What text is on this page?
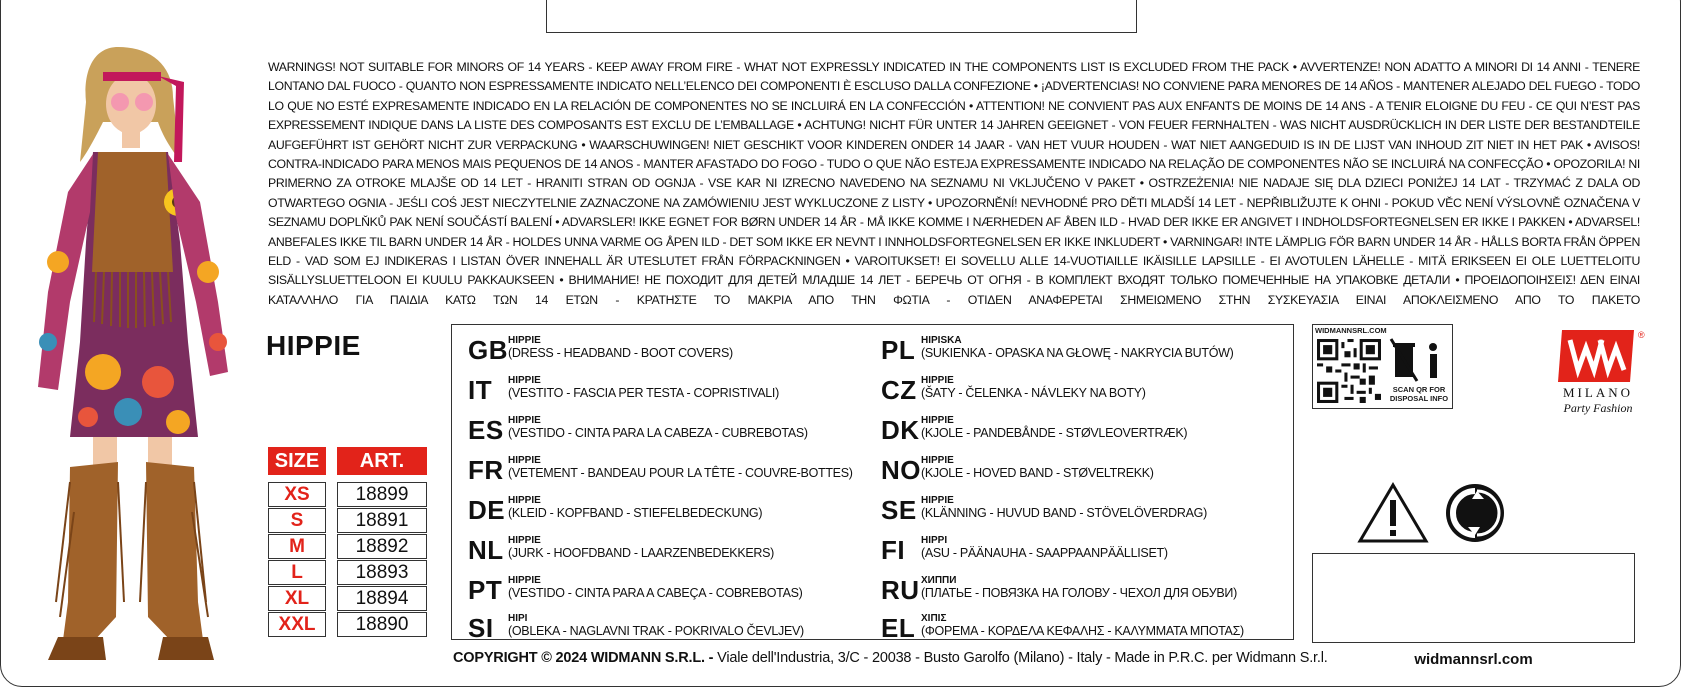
WARNINGS! NOT SUITABLE FOR MINORS OF 14 YEARS - KEEP AWAY FROM FIRE - WHAT NOT EXPRESSLY INDICATED IN THE COMPONENTS LIST IS EXCLUDED FROM THE PACK • AVVERTENZE! NON ADATTO A MINORI DI 14 ANNI - TENERE LONTANO DAL FUOCO - QUANTO NON ESPRESSAMENTE INDICATO NELL’ELENCO DEI COMPONENTI È ESCLUSO DALLA CONFEZIONE • ¡ADVERTENCIAS! NO CONVIENE PARA MENORES DE 14 AÑOS - MANTENER ALEJADO DEL FUEGO - TODO LO QUE NO ESTÉ EXPRESAMENTE INDICADO EN LA RELACIÓN DE COMPONENTES NO SE INCLUIRÁ EN LA CONFECCIÓN • ATTENTION! NE CONVIENT PAS AUX ENFANTS DE MOINS DE 14 ANS - A TENIR ELOIGNE DU FEU - CE QUI N’EST PAS EXPRESSEMENT INDIQUE DANS LA LISTE DES COMPOSANTS EST EXCLU DE L’EMBALLAGE • ACHTUNG! NICHT FÜR UNTER 14 JAHREN GEEIGNET - VON FEUER FERNHALTEN - WAS NICHT AUSDRÜCKLICH IN DER LISTE DER BESTANDTEILE AUFGEFÜHRT IST GEHÖRT NICHT ZUR VERPACKUNG • WAARSCHUWINGEN! NIET GESCHIKT VOOR KINDEREN ONDER 14 JAAR - VAN HET VUUR HOUDEN - WAT NIET AANGEDUID IS IN DE LIJST VAN INHOUD ZIT NIET IN HET PAK • AVISOS! CONTRA-INDICADO PARA MENOS MAIS PEQUENOS DE 14 ANOS - MANTER AFASTADO DO FOGO - TUDO O QUE NÃO ESTEJA EXPRESSAMENTE INDICADO NA RELAÇÃO DE COMPONENTES NÃO SE INCLUIRÁ NA CONFECÇÃO • OPOZORILA! NI PRIMERNO ZA OTROKE MLAJŠE OD 14 LET - HRANITI STRAN OD OGNJA - VSE KAR NI IZRECNO NAVEDENO NA SEZNAMU NI VKLJUČENO V PAKET • OSTRZEŻENIA! NIE NADAJE SIĘ DLA DZIECI PONIŻEJ 14 LAT - TRZYMAĆ Z DALA OD OTWARTEGO OGNIA - JEŚLI COŚ JEST NIECZYTELNIE ZAZNACZONE NA ZAMÓWIENIU JEST WYKLUCZONE Z LISTY • UPOZORNĚNÍ! NEVHODNÉ PRO DĚTI MLADŠÍ 14 LET - NEPŘIBLIŽUJTE K OHNI - POKUD VĚC NENÍ VÝSLOVNĚ OZNAČENA V SEZNAMU DOPLŇKŮ PAK NENÍ SOUČÁSTÍ BALENÍ • ADVARSLER! IKKE EGNET FOR BØRN UNDER 14 ÅR - MÅ IKKE KOMME I NÆRHEDEN AF ÅBEN ILD - HVAD DER IKKE ER ANGIVET I INDHOLDSFORTEGNELSEN ER IKKE I PAKKEN • ADVARSEL! ANBEFALES IKKE TIL BARN UNDER 14 ÅR - HOLDES UNNA VARME OG ÅPEN ILD - DET SOM IKKE ER NEVNT I INNHOLDSFORTEGNELSEN ER IKKE INKLUDERT • VARNINGAR! INTE LÄMPLIG FÖR BARN UNDER 14 ÅR - HÅLLS BORTA FRÅN ÖPPEN ELD - VAD SOM EJ INDIKERAS I LISTAN ÖVER INNEHALL ÄR UTESLUTET FRÅN FÖRPACKNINGEN • VAROITUKSET! EI SOVELLU ALLE 14-VUOTIAILLE IKÄISILLE LAPSILLE - EI AVOTULEN LÄHELLE - MITÄ ERIKSEEN EI OLE LUETTELOITU SISÄLLYSLUETTELOON EI KUULU PAKKAUKSEEN • ВНИМАНИЕ! НЕ ПОХОДИТ ДЛЯ ДЕТЕЙ МЛАДШЕ 14 ЛЕТ - БЕРЕЧЬ ОТ ОГНЯ - В КОМПЛЕКТ ВХОДЯТ ТОЛЬКО ПОМЕЧЕННЫЕ НА УПАКОВКЕ ДЕТАЛИ • ΠΡΟΕΙΔΟΠΟΙΗΣΕΙΣ! ΔΕΝ ΕΙΝΑΙ ΚΑΤΑΛΛΗΛΟ ΓΙΑ ΠΑΙΔΙΑ ΚΑΤΩ ΤΩΝ 14 ΕΤΩΝ - ΚΡΑΤΗΣΤΕ ΤΟ ΜΑΚΡΙΑ ΑΠΟ ΤΗΝ ΦΩΤΙΑ - ΟΤΙΔΕΝ ΑΝΑΦΕΡΕΤΑΙ ΣΗΜΕΙΩΜΕΝΟ ΣΤΗΝ ΣΥΣΚΕΥΑΣΙΑ ΕΙΝΑΙ ΑΠΟΚΛΕΙΣΜΕΝΟ ΑΠΟ ΤΟ ΠΑΚΕΤΟ
HIPPIE
SIZE	ART.
XS	18899
S	18891
M	18892
L	18893
XL	18894
XXL	18890
GB HIPPIE
(DRESS - HEADBAND - BOOT COVERS)
IT HIPPIE
(VESTITO - FASCIA PER TESTA - COPRISTIVALI)
ES HIPPIE
(VESTIDO - CINTA PARA LA CABEZA - CUBREBOTAS)
FR HIPPIE
(VETEMENT - BANDEAU POUR LA TÊTE - COUVRE-BOTTES)
DE HIPPIE
(KLEID - KOPFBAND - STIEFELBEDECKUNG)
NL HIPPIE
(JURK - HOOFDBAND - LAARZENBEDEKKERS)
PT HIPPIE
(VESTIDO - CINTA PARA A CABEÇA - COBREBOTAS)
SI HIPI
(OBLEKA - NAGLAVNI TRAK - POKRIVALO ČEVLJEV)
PL HIPISKA
(SUKIENKA - OPASKA NA GŁOWĘ - NAKRYCIA BUTÓW)
CZ HIPPIE
(ŠATY - ČELENKA - NÁVLEKY NA BOTY)
DK HIPPIE
(KJOLE - PANDEBÅNDE - STØVLEOVERTRÆK)
NO HIPPIE
(KJOLE - HOVED BAND - STØVELTREKK)
SE HIPPIE
(KLÄNNING - HUVUD BAND - STÖVELÖVERDRAG)
FI HIPPI
(ASU - PÄÄNAUHA - SAAPPAANPÄÄLLISET)
RU ХИППИ
(ПЛАТЬЕ - ПОВЯЗКА НА ГОЛОВУ - ЧЕХОЛ ДЛЯ ОБУВИ)
EL ΧΙΠΙΣ
(ΦΟΡΕΜΑ - ΚΟΡΔΕΛΑ ΚΕΦΑΛΗΣ - ΚΑΛΥΜΜΑΤΑ ΜΠΟΤΑΣ)
COPYRIGHT © 2024 WIDMANN S.R.L. - Viale dell'Industria, 3/C - 20038 - Busto Garolfo (Milano) - Italy - Made in P.R.C. per Widmann S.r.l.
WIDMANNSRL.COM
SCAN QR FOR DISPOSAL INFO
®
MILANO
Party Fashion
widmannsrl.com
